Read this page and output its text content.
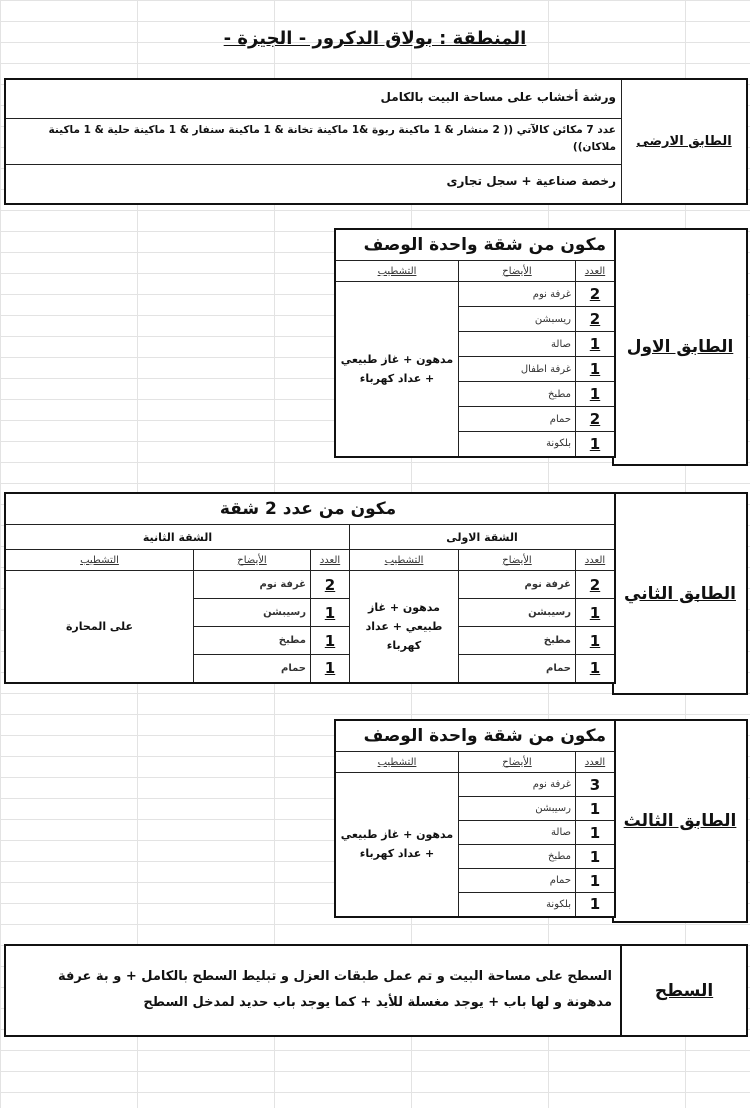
المنطقة : بولاق الدكرور - الجيزة -
الطابق الارضى
ورشة أخشاب على مساحة البيت بالكامل
عدد 7 مكائن كالآتي (( 2 منشار & 1 ماكينة ربوة &1 ماكينة تخانة & 1 ماكينة سنفار & 1 ماكينة حلية & 1 ماكينة ملاكان))
رخصة صناعية + سجل تجارى
الطابق الاول
مكون من شقة واحدة الوصف		
العدد	الأيضاح	التشطيب
2	غرفة نوم	مدهون + غاز طبيعي + عداد كهرباء
2	ريسبشن	
1	صالة	
1	غرفة اطفال	
1	مطبخ	
2	حمام	
1	بلكونة	
الطابق الثاني
مكون من عدد 2 شقة					
الشقة الاولى			الشقة الثانية		
العدد	الأيضاح	التشطيب	العدد	الأيضاح	التشطيب
2	غرفة نوم	مدهون + غاز طبيعي + عداد كهرباء	2	غرفة نوم	على المحارة
1	رسيبشن		1	رسيبشن	
1	مطبخ		1	مطبخ	
1	حمام		1	حمام	
الطابق الثالث
مكون من شقة واحدة الوصف		
العدد	الأيضاح	التشطيب
3	غرفة نوم	مدهون + غاز طبيعي + عداد كهرباء
1	رسيبشن	
1	صالة	
1	مطبخ	
1	حمام	
1	بلكونة	
السطح
السطح على مساحة البيت و تم عمل طبقات العزل و تبليط السطح بالكامل + و بة عرفة مدهونة و لها باب + يوجد مغسلة للأيد + كما يوجد باب حديد لمدخل السطح
